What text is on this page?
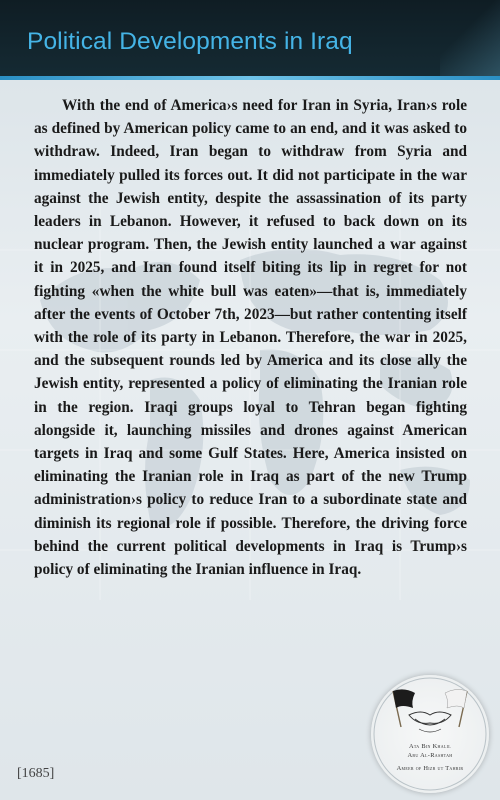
Political Developments in Iraq

With the end of America›s need for Iran in Syria, Iran›s role as defined by American policy came to an end, and it was asked to withdraw. Indeed, Iran began to withdraw from Syria and immediately pulled its forces out. It did not participate in the war against the Jewish entity, despite the assassination of its party leaders in Lebanon. However, it refused to back down on its nuclear program. Then, the Jewish entity launched a war against it in 2025, and Iran found itself biting its lip in regret for not fighting «when the white bull was eaten»—that is, immediately after the events of October 7th, 2023—but rather contenting itself with the role of its party in Lebanon. Therefore, the war in 2025, and the subsequent rounds led by America and its close ally the Jewish entity, represented a policy of eliminating the Iranian role in the region. Iraqi groups loyal to Tehran began fighting alongside it, launching missiles and drones against American targets in Iraq and some Gulf States. Here, America insisted on eliminating the Iranian role in Iraq as part of the new Trump administration›s policy to reduce Iran to a subordinate state and diminish its regional role if possible. Therefore, the driving force behind the current political developments in Iraq is Trump›s policy of eliminating the Iranian influence in Iraq.

[1685]
Ata Bin Khalil
Abu Al-Rashtah
Ameer of Hizb ut Tahrir
